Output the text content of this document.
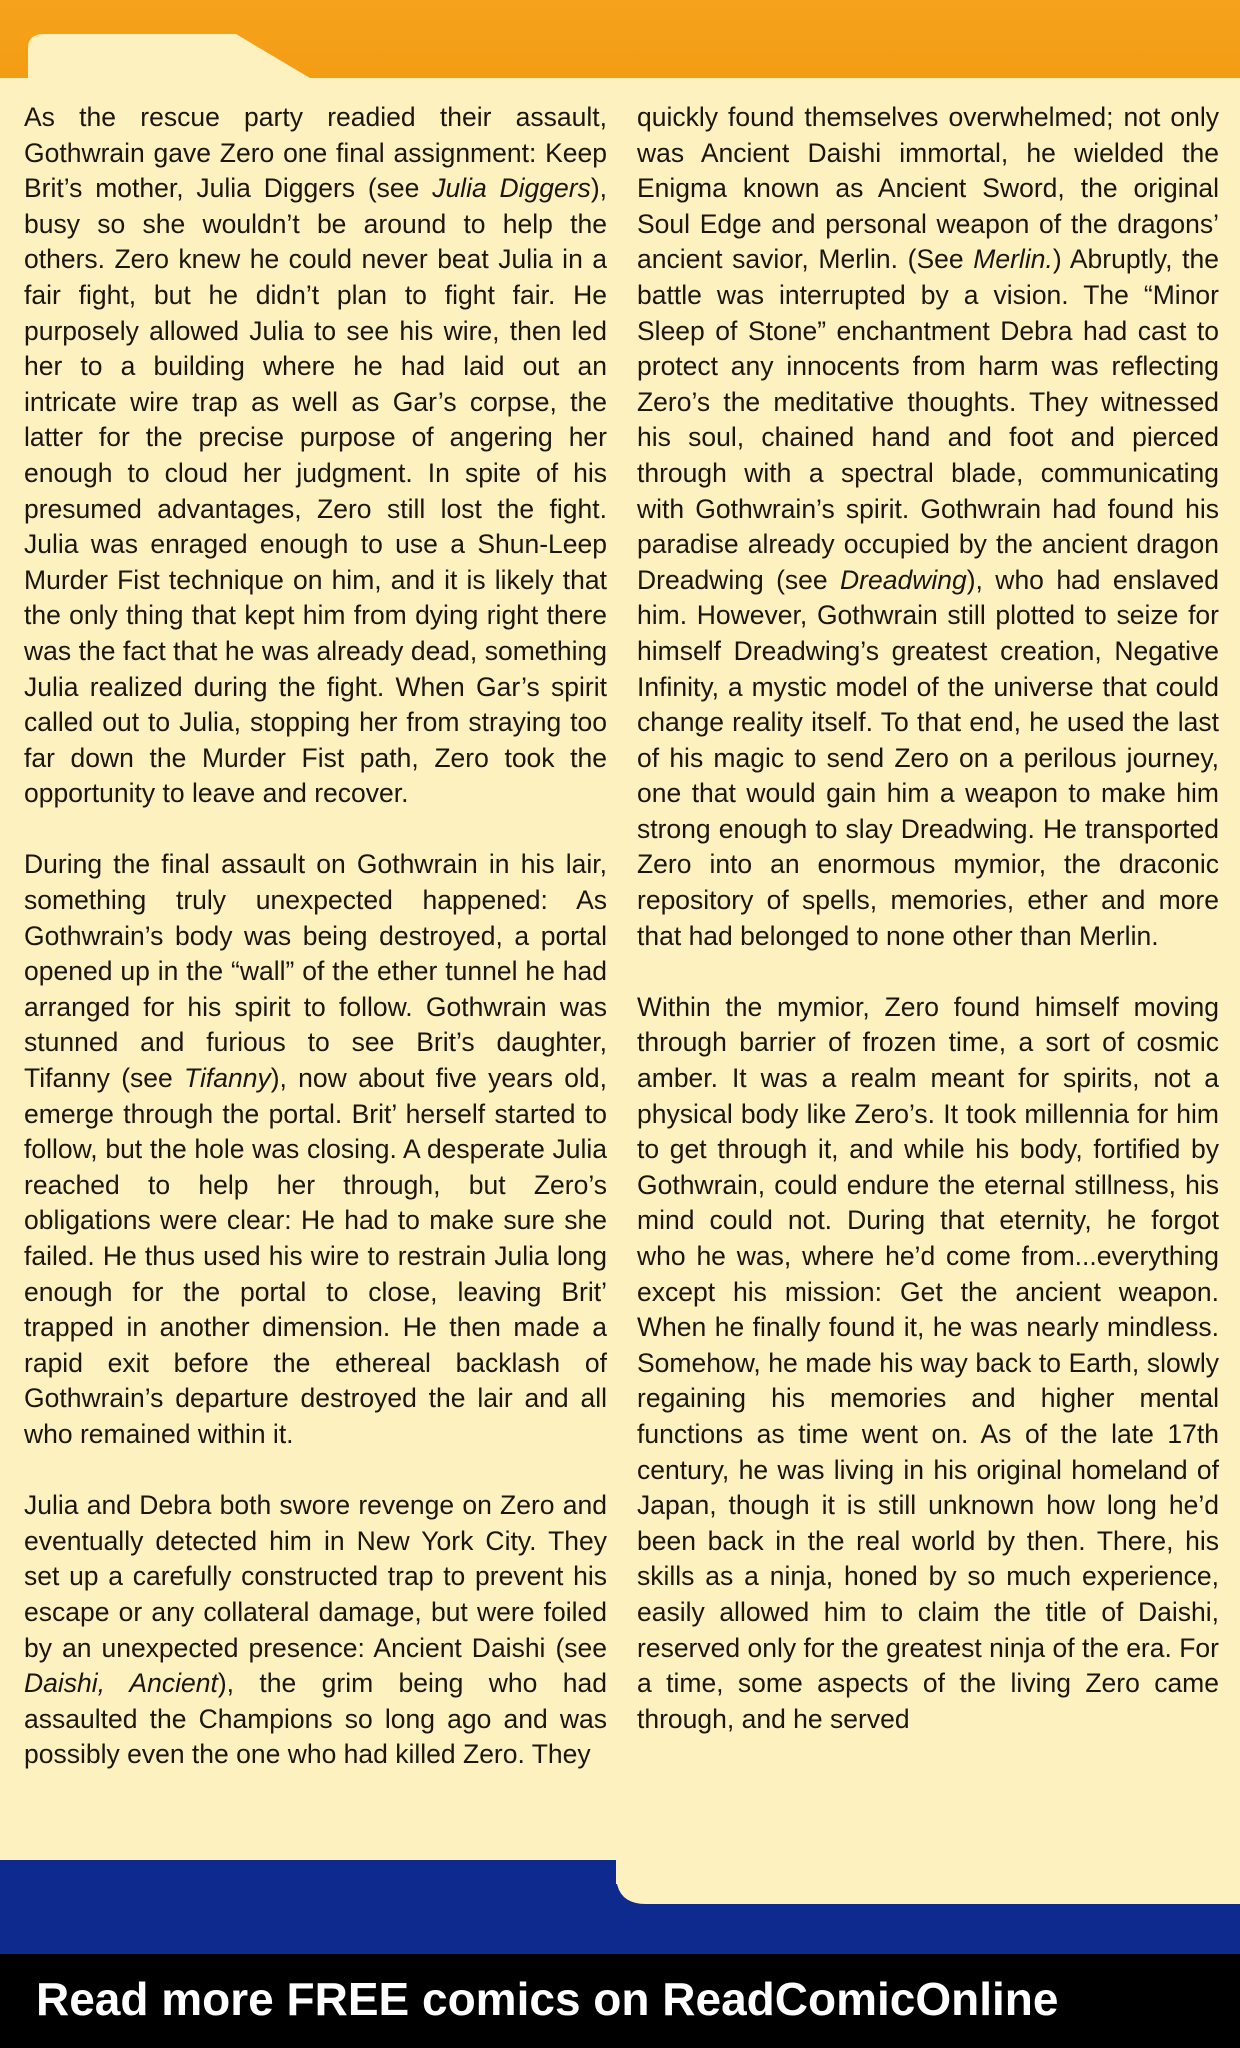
As the rescue party readied their assault, Gothwrain gave Zero one final assignment: Keep Brit’s mother, Julia Diggers (see Julia Diggers), busy so she wouldn’t be around to help the others. Zero knew he could never beat Julia in a fair fight, but he didn’t plan to fight fair. He purposely allowed Julia to see his wire, then led her to a building where he had laid out an intricate wire trap as well as Gar’s corpse, the latter for the precise purpose of angering her enough to cloud her judgment. In spite of his presumed advantages, Zero still lost the fight. Julia was enraged enough to use a Shun-Leep Murder Fist technique on him, and it is likely that the only thing that kept him from dying right there was the fact that he was already dead, something Julia realized during the fight. When Gar’s spirit called out to Julia, stopping her from straying too far down the Murder Fist path, Zero took the opportunity to leave and recover.

During the final assault on Gothwrain in his lair, something truly unexpected happened: As Gothwrain’s body was being destroyed, a portal opened up in the “wall” of the ether tunnel he had arranged for his spirit to follow. Gothwrain was stunned and furious to see Brit’s daughter, Tifanny (see Tifanny), now about five years old, emerge through the portal. Brit’ herself started to follow, but the hole was closing. A desperate Julia reached to help her through, but Zero’s obligations were clear: He had to make sure she failed. He thus used his wire to restrain Julia long enough for the portal to close, leaving Brit’ trapped in another dimension. He then made a rapid exit before the ethereal backlash of Gothwrain’s departure destroyed the lair and all who remained within it.

Julia and Debra both swore revenge on Zero and eventually detected him in New York City. They set up a carefully constructed trap to prevent his escape or any collateral damage, but were foiled by an unexpected presence: Ancient Daishi (see Daishi, Ancient), the grim being who had assaulted the Champions so long ago and was possibly even the one who had killed Zero. They

quickly found themselves overwhelmed; not only was Ancient Daishi immortal, he wielded the Enigma known as Ancient Sword, the original Soul Edge and personal weapon of the dragons’ ancient savior, Merlin. (See Merlin.) Abruptly, the battle was interrupted by a vision. The “Minor Sleep of Stone” enchantment Debra had cast to protect any innocents from harm was reflecting Zero’s the meditative thoughts. They witnessed his soul, chained hand and foot and pierced through with a spectral blade, communicating with Gothwrain’s spirit. Gothwrain had found his paradise already occupied by the ancient dragon Dreadwing (see Dreadwing), who had enslaved him. However, Gothwrain still plotted to seize for himself Dreadwing’s greatest creation, Negative Infinity, a mystic model of the universe that could change reality itself. To that end, he used the last of his magic to send Zero on a perilous journey, one that would gain him a weapon to make him strong enough to slay Dreadwing. He transported Zero into an enormous mymior, the draconic repository of spells, memories, ether and more that had belonged to none other than Merlin.

Within the mymior, Zero found himself moving through barrier of frozen time, a sort of cosmic amber. It was a realm meant for spirits, not a physical body like Zero’s. It took millennia for him to get through it, and while his body, fortified by Gothwrain, could endure the eternal stillness, his mind could not. During that eternity, he forgot who he was, where he’d come from...everything except his mission: Get the ancient weapon. When he finally found it, he was nearly mindless. Somehow, he made his way back to Earth, slowly regaining his memories and higher mental functions as time went on. As of the late 17th century, he was living in his original homeland of Japan, though it is still unknown how long he’d been back in the real world by then. There, his skills as a ninja, honed by so much experience, easily allowed him to claim the title of Daishi, reserved only for the greatest ninja of the era. For a time, some aspects of the living Zero came through, and he served

Read more FREE comics on ReadComicOnline
